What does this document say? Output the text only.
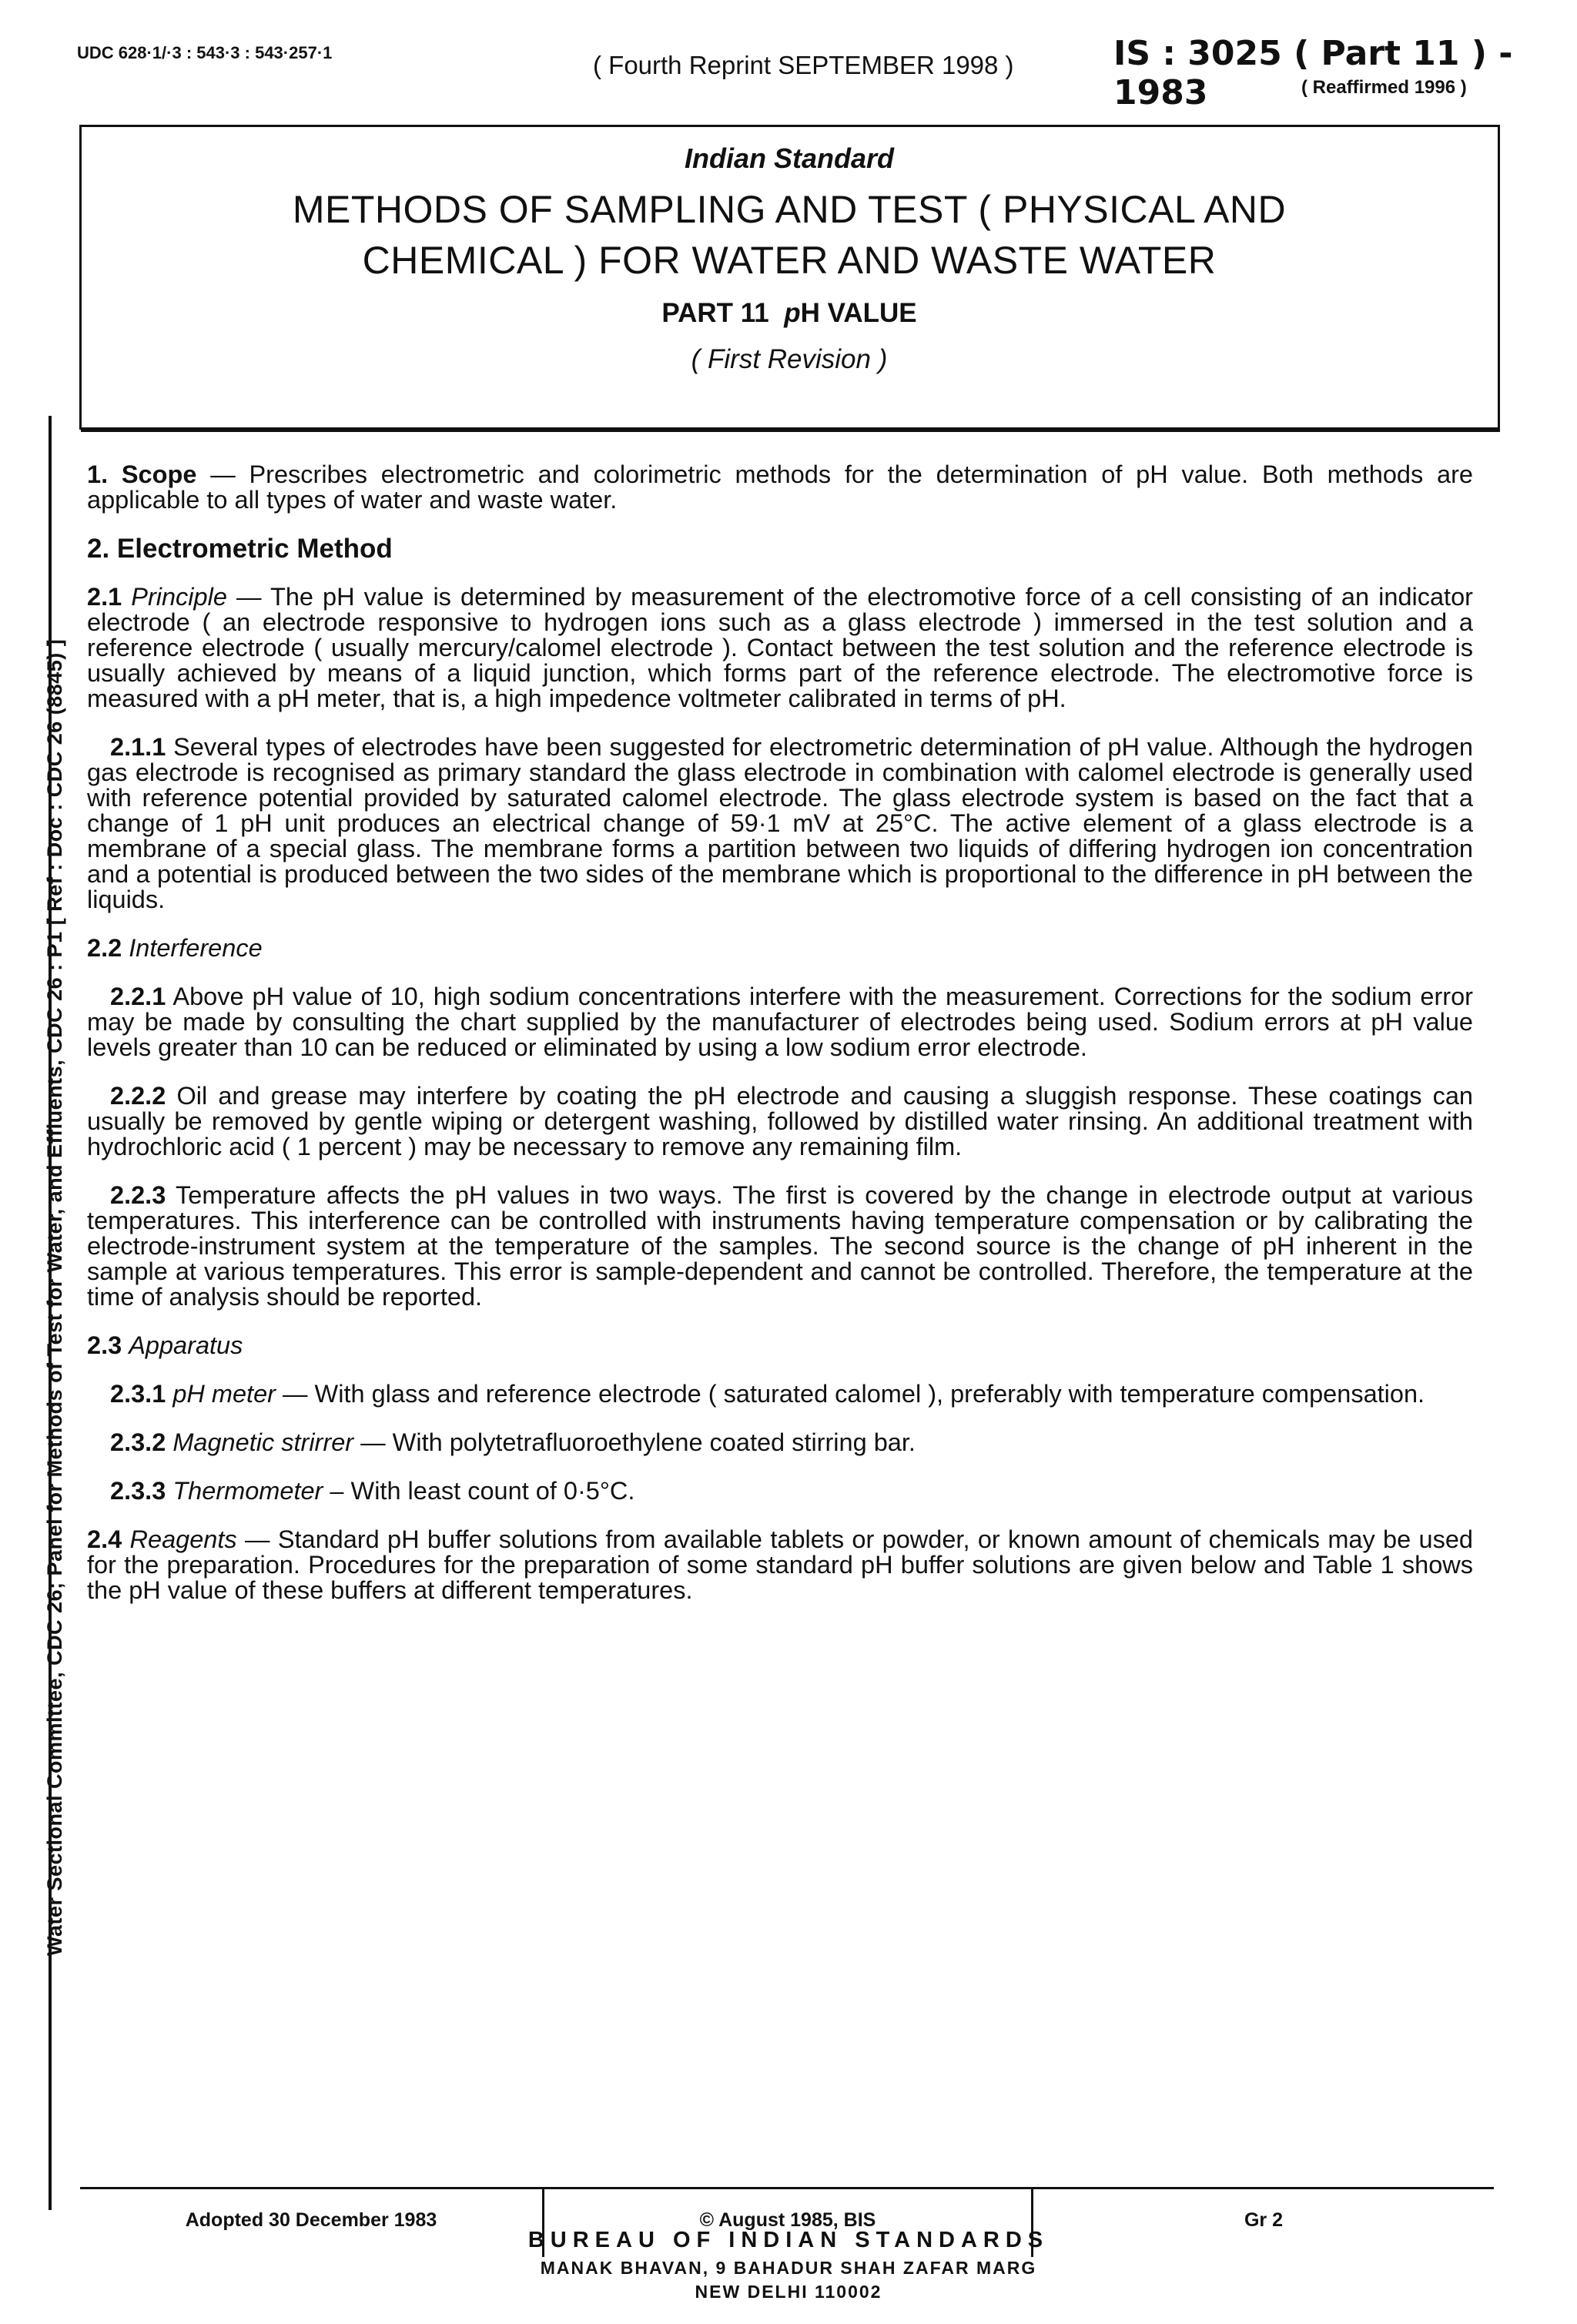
UDC 628·1/·3 : 543·3 : 543·257·1	( Fourth Reprint SEPTEMBER 1998 )	IS : 3025 ( Part 11 ) - 1983	( Reaffirmed 1996 )
Water Sectional Committee, CDC 26; Panel for Methods of Test for Water, and Effluents, CDC 26 : P1 [ Ref : Doc : CDC 26 (8845) ]
Indian Standard
METHODS OF SAMPLING AND TEST ( PHYSICAL AND
CHEMICAL ) FOR WATER AND WASTE WATER
PART 11 pH VALUE
( First Revision )

1. Scope — Prescribes electrometric and colorimetric methods for the determination of pH value. Both methods are applicable to all types of water and waste water.

2. Electrometric Method

2.1 Principle — The pH value is determined by measurement of the electromotive force of a cell consisting of an indicator electrode ( an electrode responsive to hydrogen ions such as a glass electrode ) immersed in the test solution and a reference electrode ( usually mercury/calomel electrode ). Contact between the test solution and the reference electrode is usually achieved by means of a liquid junction, which forms part of the reference electrode. The electromotive force is measured with a pH meter, that is, a high impedence voltmeter calibrated in terms of pH.

2.1.1 Several types of electrodes have been suggested for electrometric determination of pH value. Although the hydrogen gas electrode is recognised as primary standard the glass electrode in combination with calomel electrode is generally used with reference potential provided by saturated calomel electrode. The glass electrode system is based on the fact that a change of 1 pH unit produces an electrical change of 59·1 mV at 25°C. The active element of a glass electrode is a membrane of a special glass. The membrane forms a partition between two liquids of differing hydrogen ion concentration and a potential is produced between the two sides of the membrane which is proportional to the difference in pH between the liquids.

2.2 Interference

2.2.1 Above pH value of 10, high sodium concentrations interfere with the measurement. Corrections for the sodium error may be made by consulting the chart supplied by the manufacturer of electrodes being used. Sodium errors at pH value levels greater than 10 can be reduced or eliminated by using a low sodium error electrode.

2.2.2 Oil and grease may interfere by coating the pH electrode and causing a sluggish response. These coatings can usually be removed by gentle wiping or detergent washing, followed by distilled water rinsing. An additional treatment with hydrochloric acid ( 1 percent ) may be necessary to remove any remaining film.

2.2.3 Temperature affects the pH values in two ways. The first is covered by the change in electrode output at various temperatures. This interference can be controlled with instruments having temperature compensation or by calibrating the electrode-instrument system at the temperature of the samples. The second source is the change of pH inherent in the sample at various temperatures. This error is sample-dependent and cannot be controlled. Therefore, the temperature at the time of analysis should be reported.

2.3 Apparatus

2.3.1 pH meter — With glass and reference electrode ( saturated calomel ), preferably with temperature compensation.

2.3.2 Magnetic strirrer — With polytetrafluoroethylene coated stirring bar.

2.3.3 Thermometer – With least count of 0·5°C.

2.4 Reagents — Standard pH buffer solutions from available tablets or powder, or known amount of chemicals may be used for the preparation. Procedures for the preparation of some standard pH buffer solutions are given below and Table 1 shows the pH value of these buffers at different temperatures.

Adopted 30 December 1983	© August 1985, BIS	Gr 2
BUREAU OF INDIAN STANDARDS
MANAK BHAVAN, 9 BAHADUR SHAH ZAFAR MARG
NEW DELHI 110002
